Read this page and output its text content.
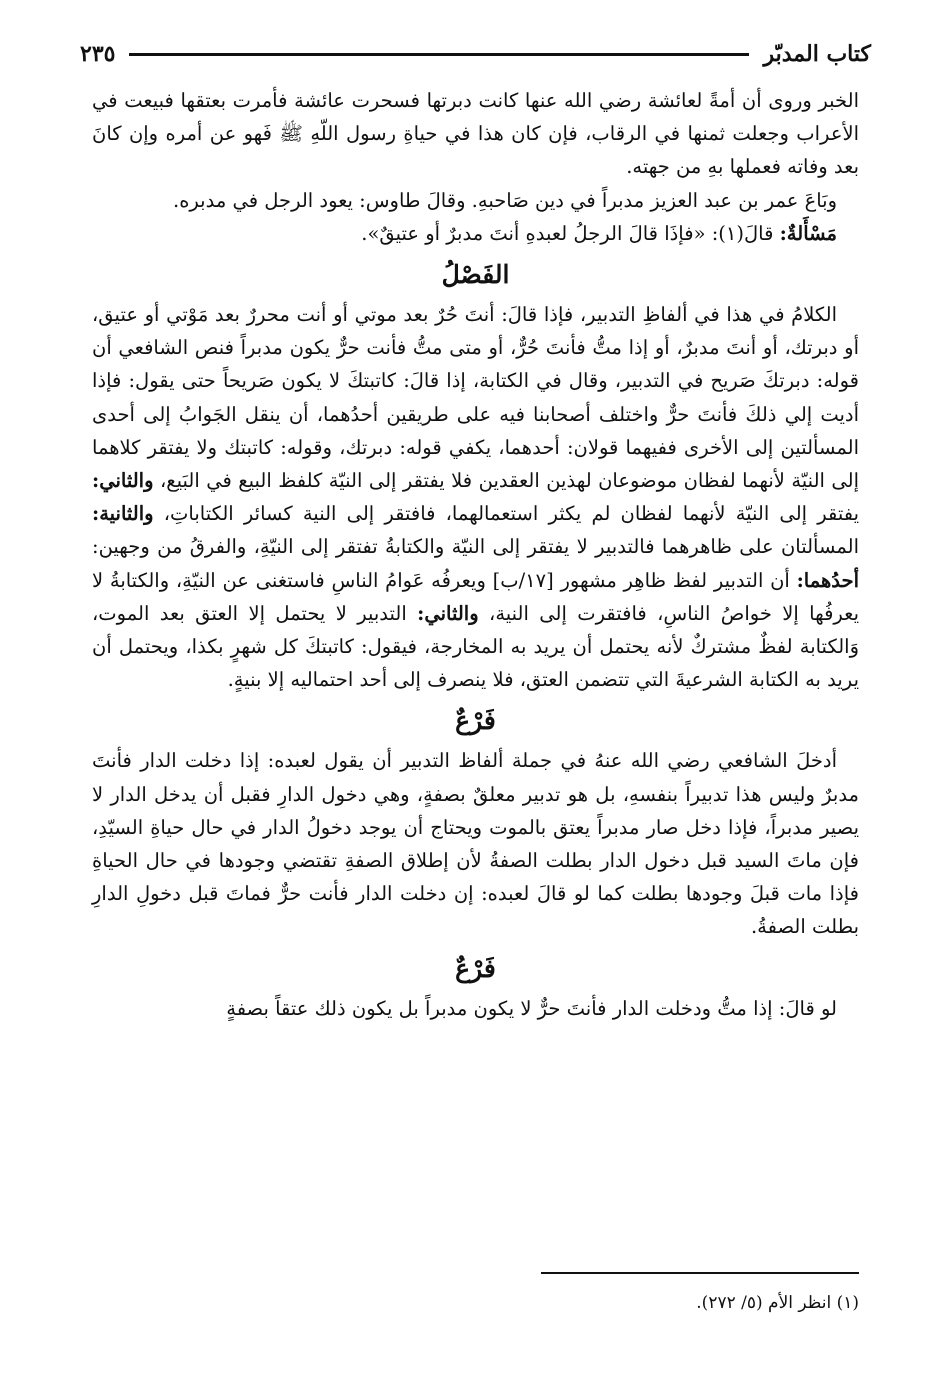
كتاب المدبّر
٢٣٥

الخبر وروى أن أمةً لعائشة رضي الله عنها كانت دبرتها فسحرت عائشة فأمرت بعتقها فبيعت في الأعراب وجعلت ثمنها في الرقاب، فإن كان هذا في حياةِ رسول اللّهِ ﷺ فَهو عن أمره وإن كانَ بعد وفاته فعملها بهِ من جهته.

وبَاعَ عمر بن عبد العزيز مدبراً في دين صَاحبهِ. وقالَ طاوس: يعود الرجل في مدبره.

مَسْأَلةٌ: قالَ(١): «فإذَا قالَ الرجلُ لعبدهِ أنتَ مدبرٌ أو عتيقٌ».

الفَصْلُ

الكلامُ في هذا في ألفاظِ التدبير، فإذا قالَ: أنتَ حُرٌ بعد موتي أو أنت محررٌ بعد مَوْتي أو عتيق، أو دبرتك، أو أنتَ مدبرٌ، أو إذا متُّ فأنتَ حُرٌّ، أو متى متُّ فأنت حرٌّ يكون مدبراً فنص الشافعي أن قوله: دبرتكَ صَريح في التدبير، وقال في الكتابة، إذا قالَ: كاتبتكَ لا يكون صَريحاً حتى يقول: فإذا أديت إلي ذلكَ فأنتَ حرٌّ واختلف أصحابنا فيه على طريقين أحدُهما، أن ينقل الجَوابُ إلى أحدى المسألتين إلى الأخرى ففيهما قولان: أحدهما، يكفي قوله: دبرتك، وقوله: كاتبتك ولا يفتقر كلاهما إلى النيّة لأنهما لفظان موضوعان لهذين العقدين فلا يفتقر إلى النيّة كلفظ البيع في البَيع، والثاني: يفتقر إلى النيّة لأنهما لفظان لم يكثر استعمالهما، فافتقر إلى النية كسائر الكتاباتِ، والثانية: المسألتان على ظاهرهما فالتدبير لا يفتقر إلى النيّة والكتابةُ تفتقر إلى النيّةِ، والفرقُ من وجهين: أحدُهما: أن التدبير لفظ ظاهِر مشهور [١٧/ب] ويعرفُه عَوامُ الناسِ فاستغنى عن النيّةِ، والكتابةُ لا يعرفُها إلا خواصُ الناسِ، فافتقرت إلى النية، والثاني: التدبير لا يحتمل إلا العتق بعد الموت، وَالكتابة لفظٌ مشتركٌ لأنه يحتمل أن يريد به المخارجة، فيقول: كاتبتكَ كل شهرٍ بكذا، ويحتمل أن يريد به الكتابة الشرعيةَ التي تتضمن العتق، فلا ينصرف إلى أحد احتماليه إلا بنيةٍ.

فَرْعٌ

أدخلَ الشافعي رضي الله عنهُ في جملة ألفاظ التدبير أن يقول لعبده: إذا دخلت الدار فأنتَ مدبرٌ وليس هذا تدبيراً بنفسهِ، بل هو تدبير معلقٌ بصفةٍ، وهي دخول الدارِ فقبل أن يدخل الدار لا يصير مدبراً، فإذا دخل صار مدبراً يعتق بالموت ويحتاج أن يوجد دخولُ الدار في حال حياةِ السيّدِ، فإن ماتَ السيد قبل دخول الدار بطلت الصفةُ لأن إطلاق الصفةِ تقتضي وجودها في حال الحياةِ فإذا مات قبلَ وجودها بطلت كما لو قالَ لعبده: إن دخلت الدار فأنت حرٌّ فماتَ قبل دخولِ الدارِ بطلت الصفةُ.

فَرْعٌ

لو قالَ: إذا متُّ ودخلت الدار فأنتَ حرٌّ لا يكون مدبراً بل يكون ذلك عتقاً بصفةٍ

(١) انظر الأم (٥/ ٢٧٢).
